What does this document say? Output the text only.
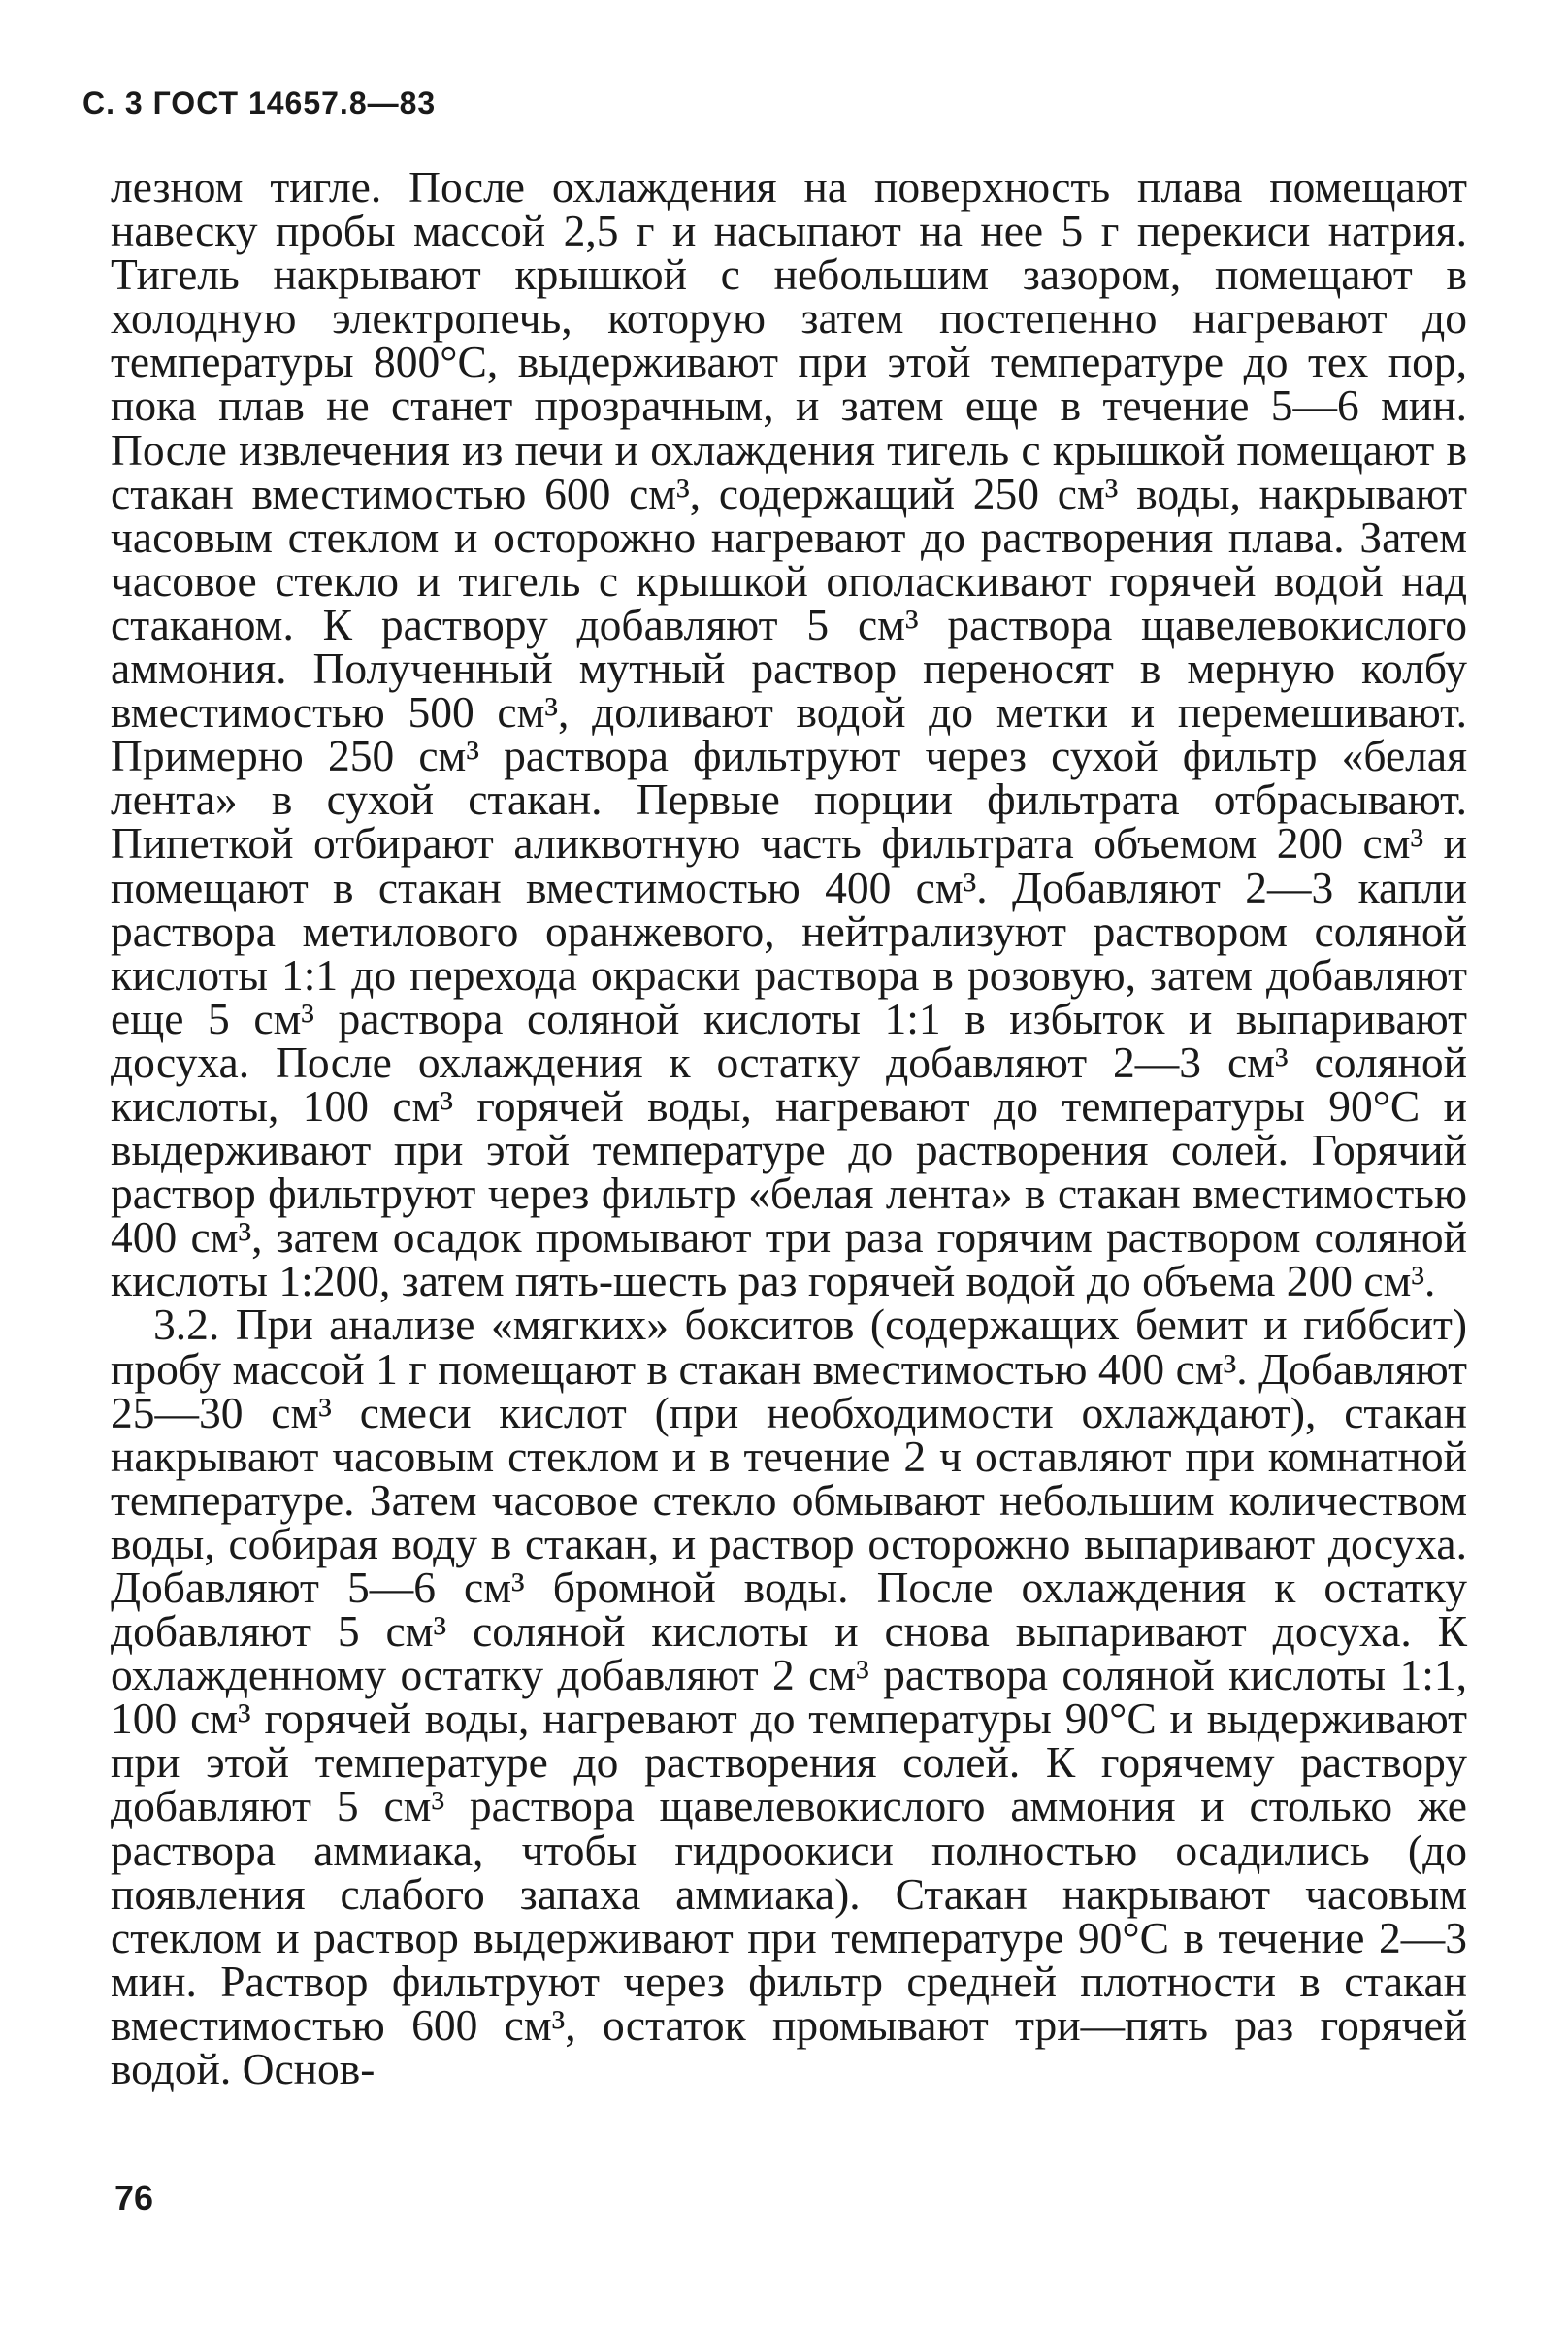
С. 3 ГОСТ 14657.8—83

лезном тигле. После охлаждения на поверхность плава помещают навеску пробы массой 2,5 г и насыпают на нее 5 г перекиси натрия. Тигель накрывают крышкой с небольшим зазором, помещают в холодную электропечь, которую затем постепенно нагревают до температуры 800°С, выдерживают при этой температуре до тех пор, пока плав не станет прозрачным, и затем еще в течение 5—6 мин. После извлечения из печи и охлаждения тигель с крышкой помещают в стакан вместимостью 600 см³, содержащий 250 см³ воды, накрывают часовым стеклом и осторожно нагревают до растворения плава. Затем часовое стекло и тигель с крышкой ополаскивают горячей водой над стаканом. К раствору добавляют 5 см³ раствора щавелевокислого аммония. Полученный мутный раствор переносят в мерную колбу вместимостью 500 см³, доливают водой до метки и перемешивают. Примерно 250 см³ раствора фильтруют через сухой фильтр «белая лента» в сухой стакан. Первые порции фильтрата отбрасывают. Пипеткой отбирают аликвотную часть фильтрата объемом 200 см³ и помещают в стакан вместимостью 400 см³. Добавляют 2—3 капли раствора метилового оранжевого, нейтрализуют раствором соляной кислоты 1:1 до перехода окраски раствора в розовую, затем добавляют еще 5 см³ раствора соляной кислоты 1:1 в избыток и выпаривают досуха. После охлаждения к остатку добавляют 2—3 см³ соляной кислоты, 100 см³ горячей воды, нагревают до температуры 90°С и выдерживают при этой температуре до растворения солей. Горячий раствор фильтруют через фильтр «белая лента» в стакан вместимостью 400 см³, затем осадок промывают три раза горячим раствором соляной кислоты 1:200, затем пять-шесть раз горячей водой до объема 200 см³.

3.2. При анализе «мягких» бокситов (содержащих бемит и гиббсит) пробу массой 1 г помещают в стакан вместимостью 400 см³. Добавляют 25—30 см³ смеси кислот (при необходимости охлаждают), стакан накрывают часовым стеклом и в течение 2 ч оставляют при комнатной температуре. Затем часовое стекло обмывают небольшим количеством воды, собирая воду в стакан, и раствор осторожно выпаривают досуха. Добавляют 5—6 см³ бромной воды. После охлаждения к остатку добавляют 5 см³ соляной кислоты и снова выпаривают досуха. К охлажденному остатку добавляют 2 см³ раствора соляной кислоты 1:1, 100 см³ горячей воды, нагревают до температуры 90°С и выдерживают при этой температуре до растворения солей. К горячему раствору добавляют 5 см³ раствора щавелевокислого аммония и столько же раствора аммиака, чтобы гидроокиси полностью осадились (до появления слабого запаха аммиака). Стакан накрывают часовым стеклом и раствор выдерживают при температуре 90°С в течение 2—3 мин. Раствор фильтруют через фильтр средней плотности в стакан вместимостью 600 см³, остаток промывают три—пять раз горячей водой. Основ-

76
